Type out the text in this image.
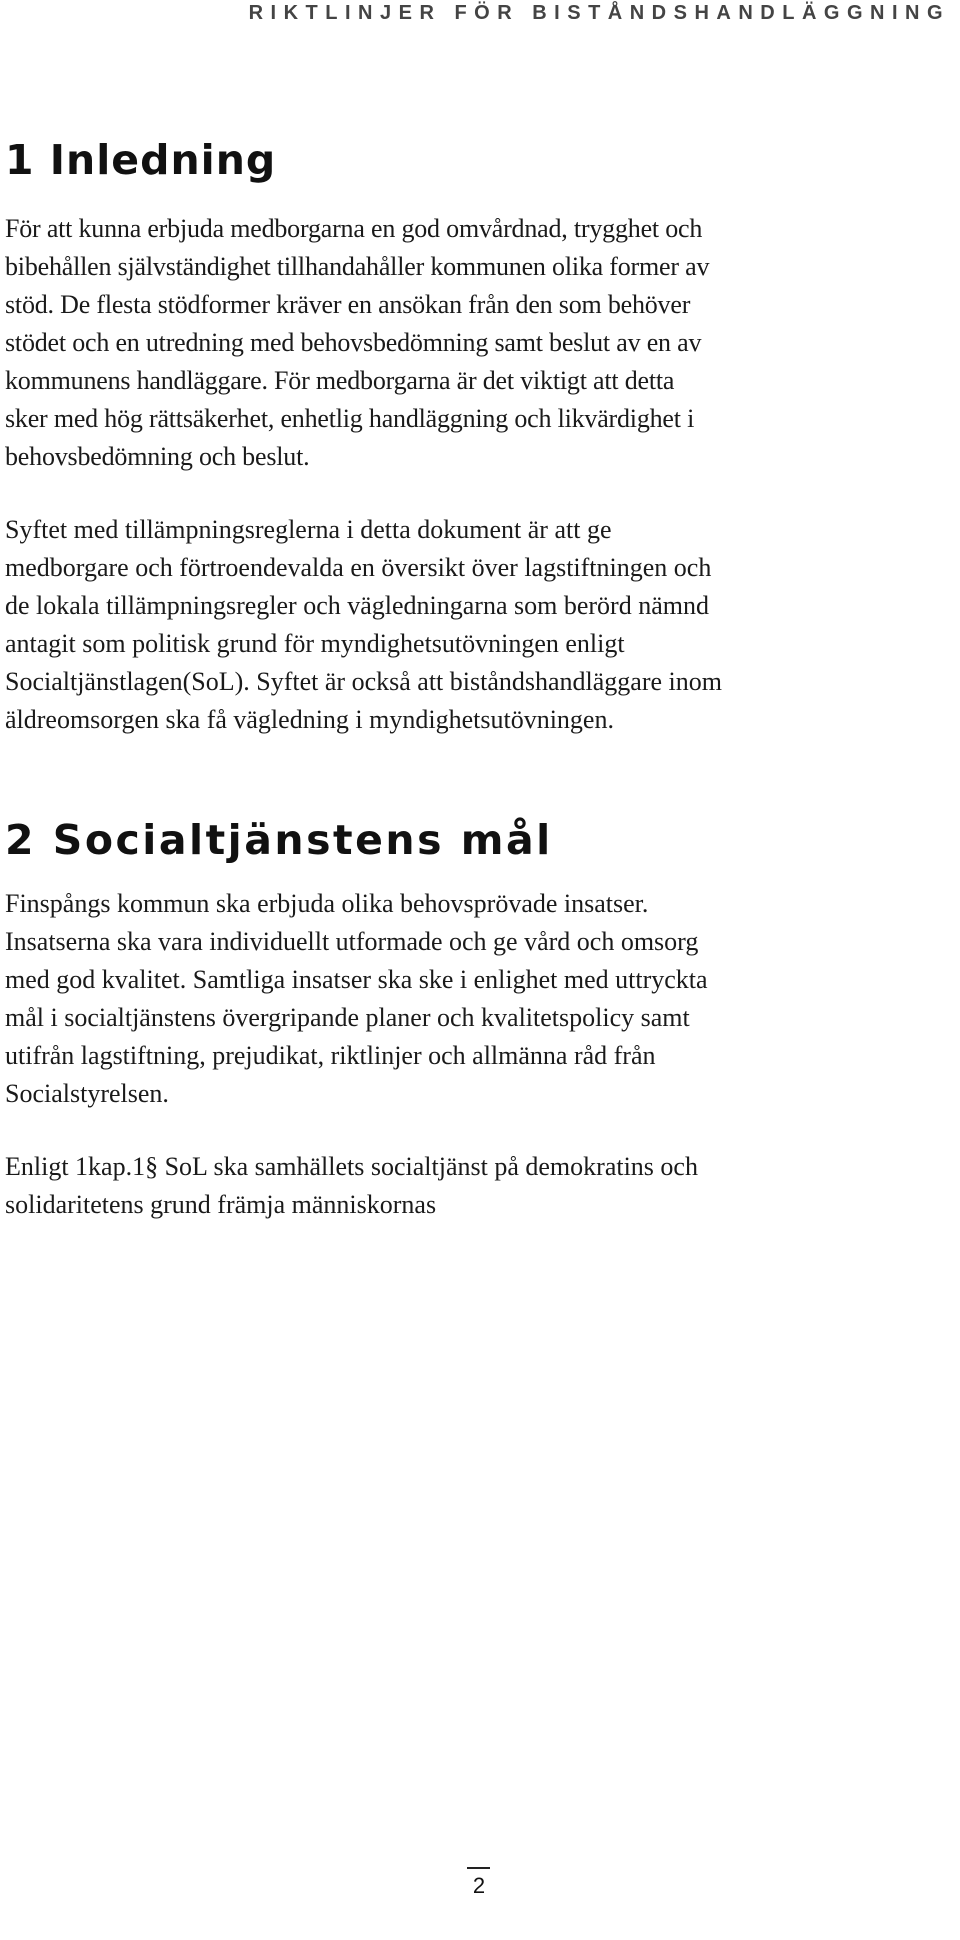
RIKTLINJER FÖR BISTÅNDSHANDLÄGGNING
1 Inledning

För att kunna erbjuda medborgarna en god omvårdnad, trygghet och
bibehållen självständighet tillhandahåller kommunen olika former av
stöd. De flesta stödformer kräver en ansökan från den som behöver
stödet och en utredning med behovsbedömning samt beslut av en av
kommunens handläggare. För medborgarna är det viktigt att detta
sker med hög rättsäkerhet, enhetlig handläggning och likvärdighet i
behovsbedömning och beslut.

Syftet med tillämpningsreglerna i detta dokument är att ge
medborgare och förtroendevalda en översikt över lagstiftningen och
de lokala tillämpningsregler och vägledningarna som berörd nämnd
antagit som politisk grund för myndighetsutövningen enligt
Socialtjänstlagen(SoL). Syftet är också att biståndshandläggare inom
äldreomsorgen ska få vägledning i myndighetsutövningen.

2 Socialtjänstens mål

Finspångs kommun ska erbjuda olika behovsprövade insatser.
Insatserna ska vara individuellt utformade och ge vård och omsorg
med god kvalitet. Samtliga insatser ska ske i enlighet med uttryckta
mål i socialtjänstens övergripande planer och kvalitetspolicy samt
utifrån lagstiftning, prejudikat, riktlinjer och allmänna råd från
Socialstyrelsen.

Enligt 1kap.1§ SoL ska samhällets socialtjänst på demokratins och
solidaritetens grund främja människornas

2
